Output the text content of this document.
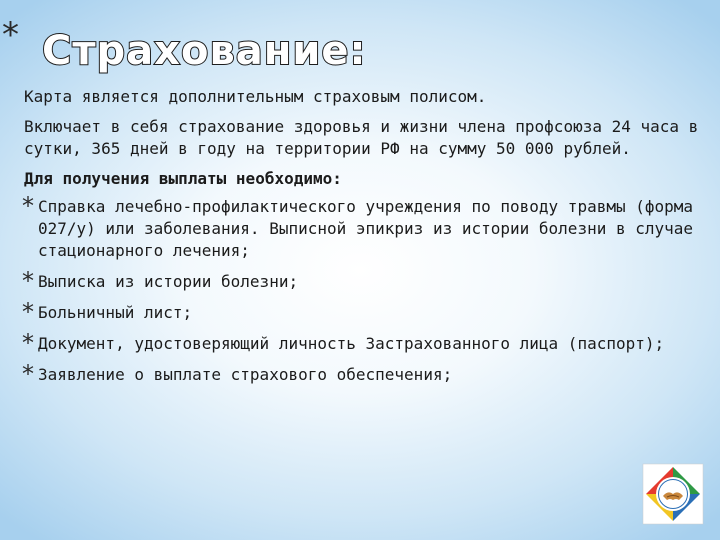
* Страхование:

Карта является дополнительным страховым полисом.

Включает в себя страхование здоровья и жизни члена профсоюза 24 часа в сутки, 365 дней в году на территории РФ на сумму 50 000 рублей.

Для получения выплаты необходимо:

* Справка лечебно-профилактического учреждения по поводу травмы (форма 027/у) или заболевания. Выписной эпикриз из истории болезни в случае стационарного лечения;
* Выписка из истории болезни;
* Больничный лист;
* Документ, удостоверяющий личность Застрахованного лица (паспорт);
* Заявление о выплате страхового обеспечения;
